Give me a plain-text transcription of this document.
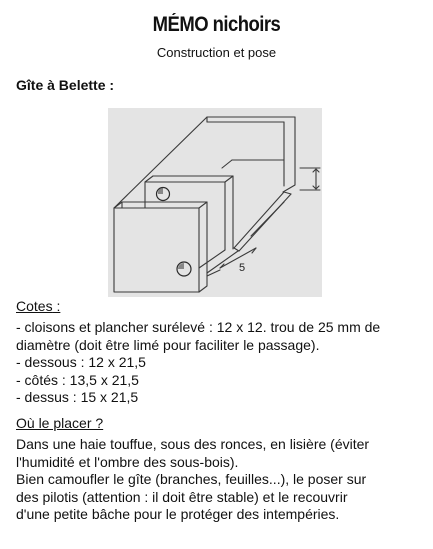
MÉMO nichoirs
Construction et pose
Gîte à Belette :
5
Cotes :
- cloisons et plancher surélevé : 12 x 12. trou de 25 mm de
diamètre (doit être limé pour faciliter le passage).
- dessous : 12 x 21,5
- côtés : 13,5 x 21,5
- dessus : 15 x 21,5
Où le placer ?
Dans une haie touffue, sous des ronces, en lisière (éviter
l'humidité et l'ombre des sous-bois).
Bien camoufler le gîte (branches, feuilles...), le poser sur
des pilotis (attention : il doit être stable) et le recouvrir
d'une petite bâche pour le protéger des intempéries.
